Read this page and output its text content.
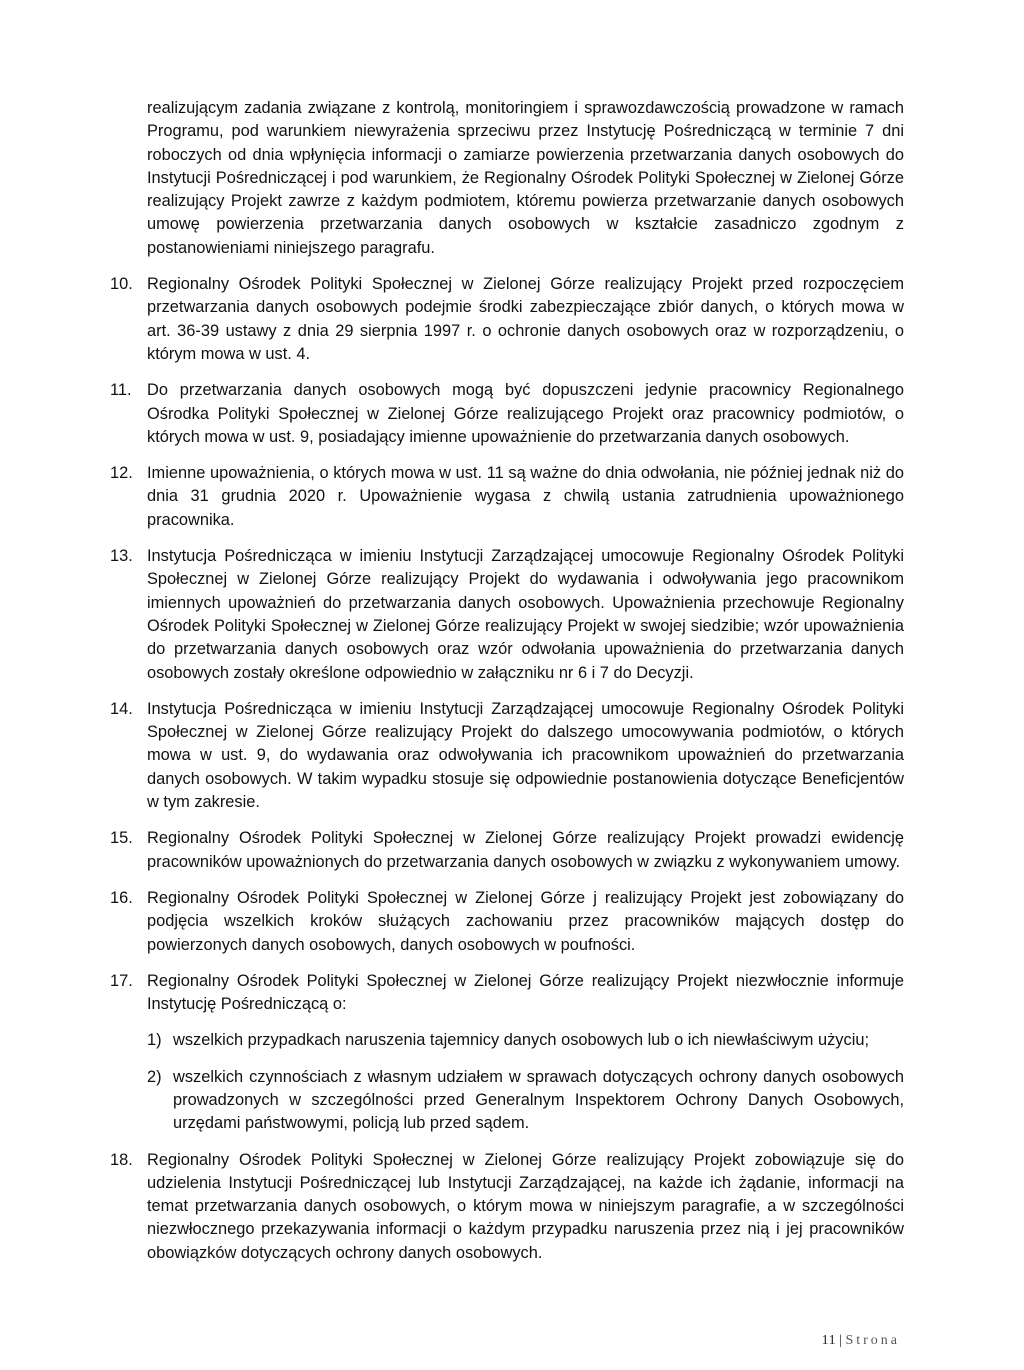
realizującym zadania związane z kontrolą, monitoringiem i sprawozdawczością prowadzone w ramach Programu, pod warunkiem niewyrażenia sprzeciwu przez Instytucję Pośredniczącą w terminie 7 dni roboczych od dnia wpłynięcia informacji o zamiarze powierzenia przetwarzania danych osobowych do Instytucji Pośredniczącej i pod warunkiem, że Regionalny Ośrodek Polityki Społecznej w Zielonej Górze realizujący Projekt zawrze z każdym podmiotem, któremu powierza przetwarzanie danych osobowych umowę powierzenia przetwarzania danych osobowych w kształcie zasadniczo zgodnym z postanowieniami niniejszego paragrafu.

10. Regionalny Ośrodek Polityki Społecznej w Zielonej Górze realizujący Projekt przed rozpoczęciem przetwarzania danych osobowych podejmie środki zabezpieczające zbiór danych, o których mowa w art. 36-39 ustawy z dnia 29 sierpnia 1997 r. o ochronie danych osobowych oraz w rozporządzeniu, o którym mowa w ust. 4.

11. Do przetwarzania danych osobowych mogą być dopuszczeni jedynie pracownicy Regionalnego Ośrodka Polityki Społecznej w Zielonej Górze realizującego Projekt oraz pracownicy podmiotów, o których mowa w ust. 9, posiadający imienne upoważnienie do przetwarzania danych osobowych.

12. Imienne upoważnienia, o których mowa w ust. 11 są ważne do dnia odwołania, nie później jednak niż do dnia 31 grudnia 2020 r. Upoważnienie wygasa z chwilą ustania zatrudnienia upoważnionego pracownika.

13. Instytucja Pośrednicząca w imieniu Instytucji Zarządzającej umocowuje Regionalny Ośrodek Polityki Społecznej w Zielonej Górze realizujący Projekt do wydawania i odwoływania jego pracownikom imiennych upoważnień do przetwarzania danych osobowych. Upoważnienia przechowuje Regionalny Ośrodek Polityki Społecznej w Zielonej Górze realizujący Projekt w swojej siedzibie; wzór upoważnienia do przetwarzania danych osobowych oraz wzór odwołania upoważnienia do przetwarzania danych osobowych zostały określone odpowiednio w załączniku nr 6 i 7 do Decyzji.

14. Instytucja Pośrednicząca w imieniu Instytucji Zarządzającej umocowuje Regionalny Ośrodek Polityki Społecznej w Zielonej Górze realizujący Projekt do dalszego umocowywania podmiotów, o których mowa w ust. 9, do wydawania oraz odwoływania ich pracownikom upoważnień do przetwarzania danych osobowych. W takim wypadku stosuje się odpowiednie postanowienia dotyczące Beneficjentów w tym zakresie.

15. Regionalny Ośrodek Polityki Społecznej w Zielonej Górze realizujący Projekt prowadzi ewidencję pracowników upoważnionych do przetwarzania danych osobowych w związku z wykonywaniem umowy.

16. Regionalny Ośrodek Polityki Społecznej w Zielonej Górze j realizujący Projekt jest zobowiązany do podjęcia wszelkich kroków służących zachowaniu przez pracowników mających dostęp do powierzonych danych osobowych, danych osobowych w poufności.

17. Regionalny Ośrodek Polityki Społecznej w Zielonej Górze realizujący Projekt niezwłocznie informuje Instytucję Pośredniczącą o:

1) wszelkich przypadkach naruszenia tajemnicy danych osobowych lub o ich niewłaściwym użyciu;

2) wszelkich czynnościach z własnym udziałem w sprawach dotyczących ochrony danych osobowych prowadzonych w szczególności przed Generalnym Inspektorem Ochrony Danych Osobowych, urzędami państwowymi, policją lub przed sądem.

18. Regionalny Ośrodek Polityki Społecznej w Zielonej Górze realizujący Projekt zobowiązuje się do udzielenia Instytucji Pośredniczącej lub Instytucji Zarządzającej, na każde ich żądanie, informacji na temat przetwarzania danych osobowych, o którym mowa w niniejszym paragrafie, a w szczególności niezwłocznego przekazywania informacji o każdym przypadku naruszenia przez nią i jej pracowników obowiązków dotyczących ochrony danych osobowych.

11 | Strona
